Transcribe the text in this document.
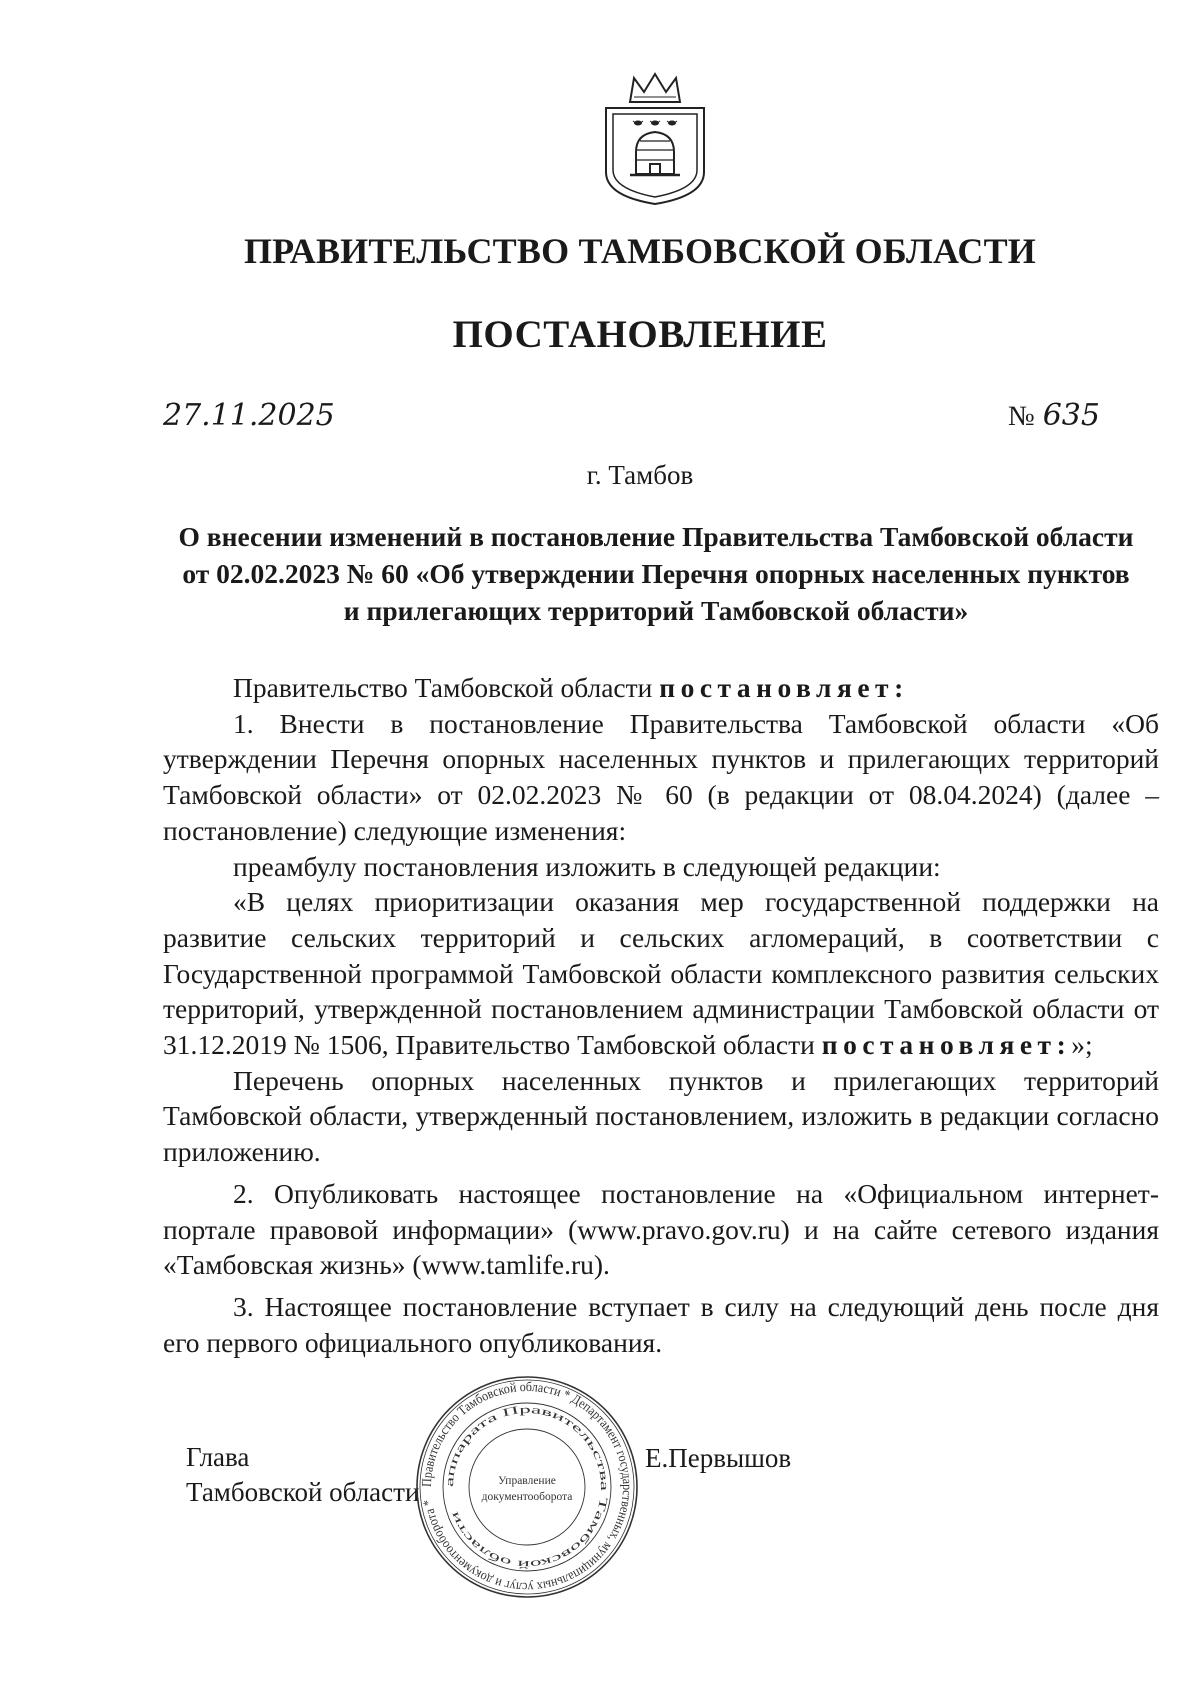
ПРАВИТЕЛЬСТВО ТАМБОВСКОЙ ОБЛАСТИ
ПОСТАНОВЛЕНИЕ
27.11.2025	№ 635
г. Тамбов
О внесении изменений в постановление Правительства Тамбовской области
от 02.02.2023 № 60 «Об утверждении Перечня опорных населенных пунктов
и прилегающих территорий Тамбовской области»

Правительство Тамбовской области постановляет:

1. Внести в постановление Правительства Тамбовской области «Об утверждении Перечня опорных населенных пунктов и прилегающих территорий Тамбовской области» от 02.02.2023 № 60 (в редакции от 08.04.2024) (далее – постановление) следующие изменения:

преамбулу постановления изложить в следующей редакции:

«В целях приоритизации оказания мер государственной поддержки на развитие сельских территорий и сельских агломераций, в соответствии с Государственной программой Тамбовской области комплексного развития сельских территорий, утвержденной постановлением администрации Тамбовской области от 31.12.2019 № 1506, Правительство Тамбовской области постановляет:»;

Перечень опорных населенных пунктов и прилегающих территорий Тамбовской области, утвержденный постановлением, изложить в редакции согласно приложению.

2. Опубликовать настоящее постановление на «Официальном интернет-портале правовой информации» (www.pravo.gov.ru) и на сайте сетевого издания «Тамбовская жизнь» (www.tamlife.ru).

3. Настоящее постановление вступает в силу на следующий день после дня его первого официального опубликования.

Глава
Тамбовской области
Е.Первышов
Правительство Тамбовской области * Департамент государственных, муниципальных услуг и документооборота *
аппарата Правительства Тамбовской области
Управление
документооборота
